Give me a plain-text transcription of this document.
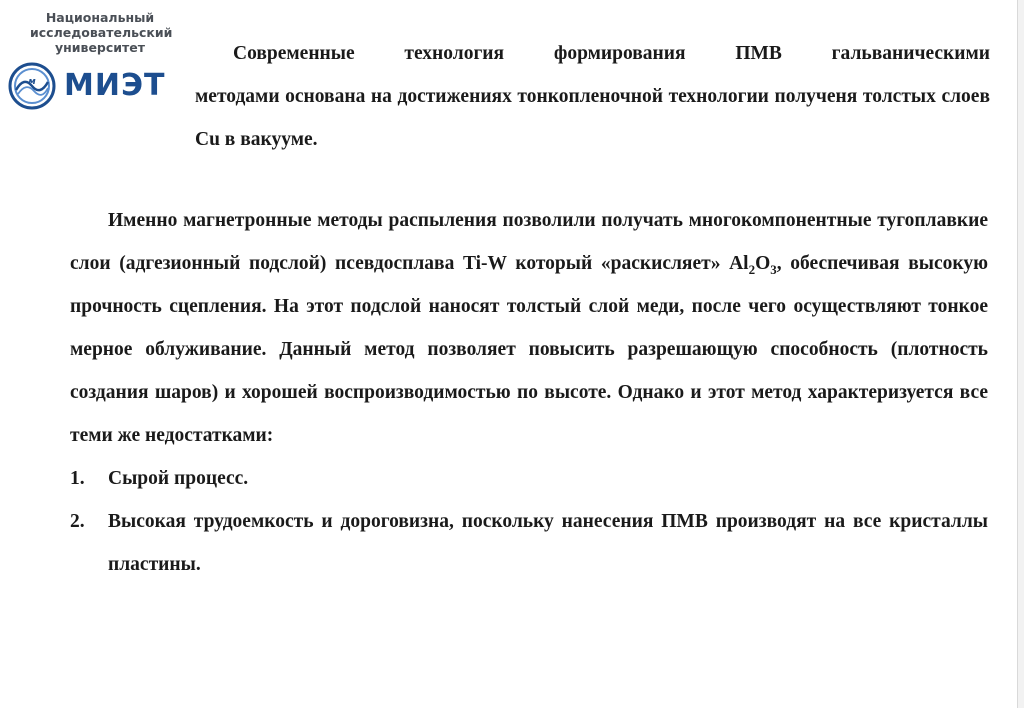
Национальный
исследовательский
университет
м МИЭТ
Современные технология формирования ПМВ гальваническими
методами основана на достижениях тонкопленочной технологии полученя толстых слоев Cu в вакууме.

Именно магнетронные методы распыления позволили получать многокомпонентные тугоплавкие слои (адгезионный подслой) псевдосплава Ti-W который «раскисляет» $Al_2O_3$, обеспечивая высокую прочность сцепления. На этот подслой наносят толстый слой меди, после чего осуществляют тонкое мерное облуживание. Данный метод позволяет повысить разрешающую способность (плотность создания шаров) и хорошей воспроизводимостью по высоте. Однако и этот метод характеризуется все теми же недостатками:

1. Сырой процесс.
2. Высокая трудоемкость и дороговизна, поскольку нанесения ПМВ производят на все кристаллы пластины.
